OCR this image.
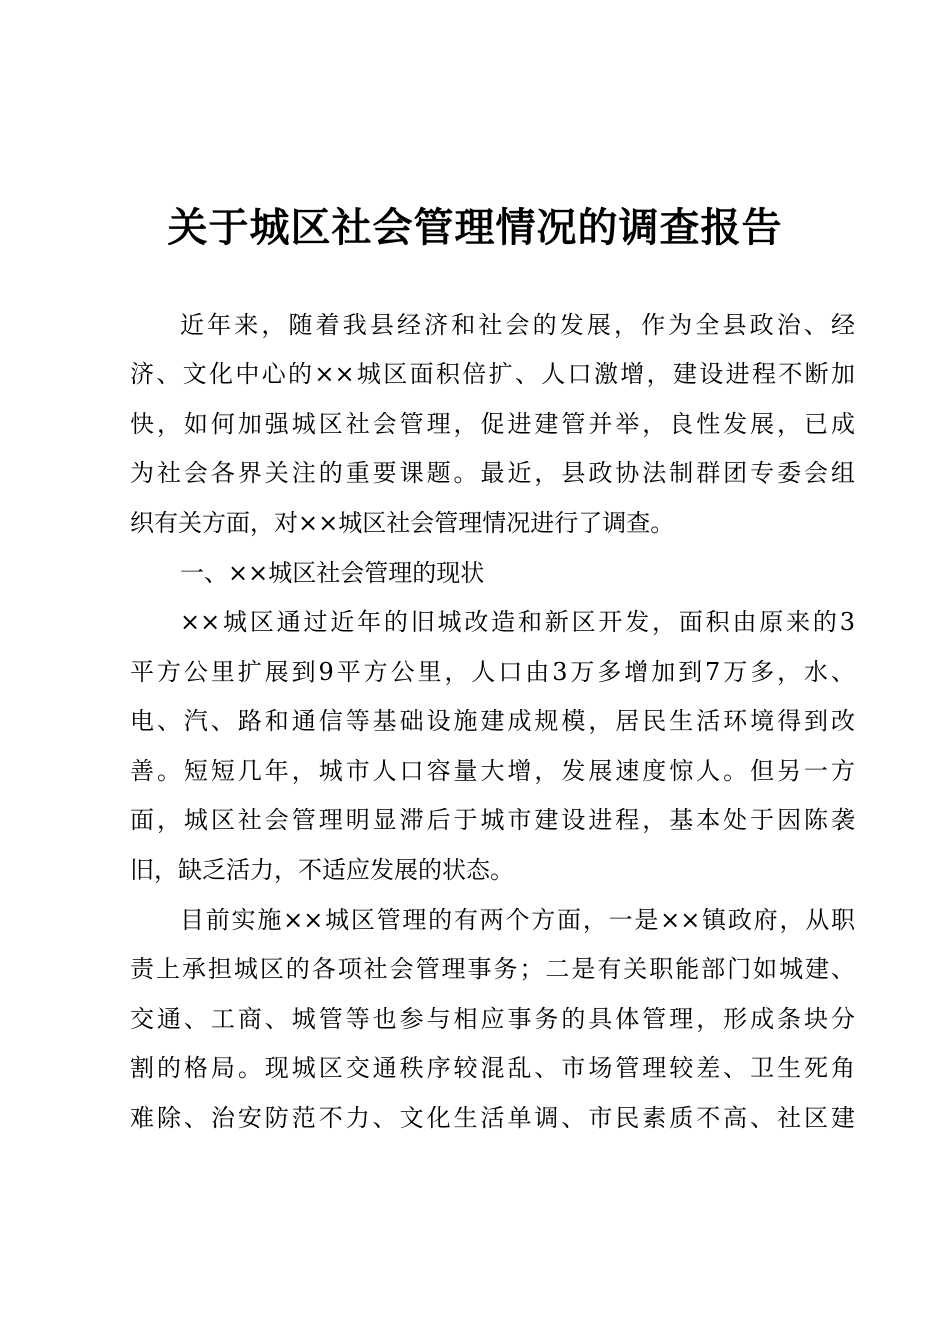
关于城区社会管理情况的调查报告
近年来，随着我县经济和社会的发展，作为全县政治、经
济、文化中心的××城区面积倍扩、人口激增，建设进程不断加
快，如何加强城区社会管理，促进建管并举，良性发展，已成
为社会各界关注的重要课题。最近，县政协法制群团专委会组
织有关方面，对××城区社会管理情况进行了调查。
一、××城区社会管理的现状
××城区通过近年的旧城改造和新区开发，面积由原来的3
平方公里扩展到9平方公里，人口由3万多增加到7万多，水、
电、汽、路和通信等基础设施建成规模，居民生活环境得到改
善。短短几年，城市人口容量大增，发展速度惊人。但另一方
面，城区社会管理明显滞后于城市建设进程，基本处于因陈袭
旧，缺乏活力，不适应发展的状态。
目前实施××城区管理的有两个方面，一是××镇政府，从职
责上承担城区的各项社会管理事务；二是有关职能部门如城建、
交通、工商、城管等也参与相应事务的具体管理，形成条块分
割的格局。现城区交通秩序较混乱、市场管理较差、卫生死角
难除、治安防范不力、文化生活单调、市民素质不高、社区建
